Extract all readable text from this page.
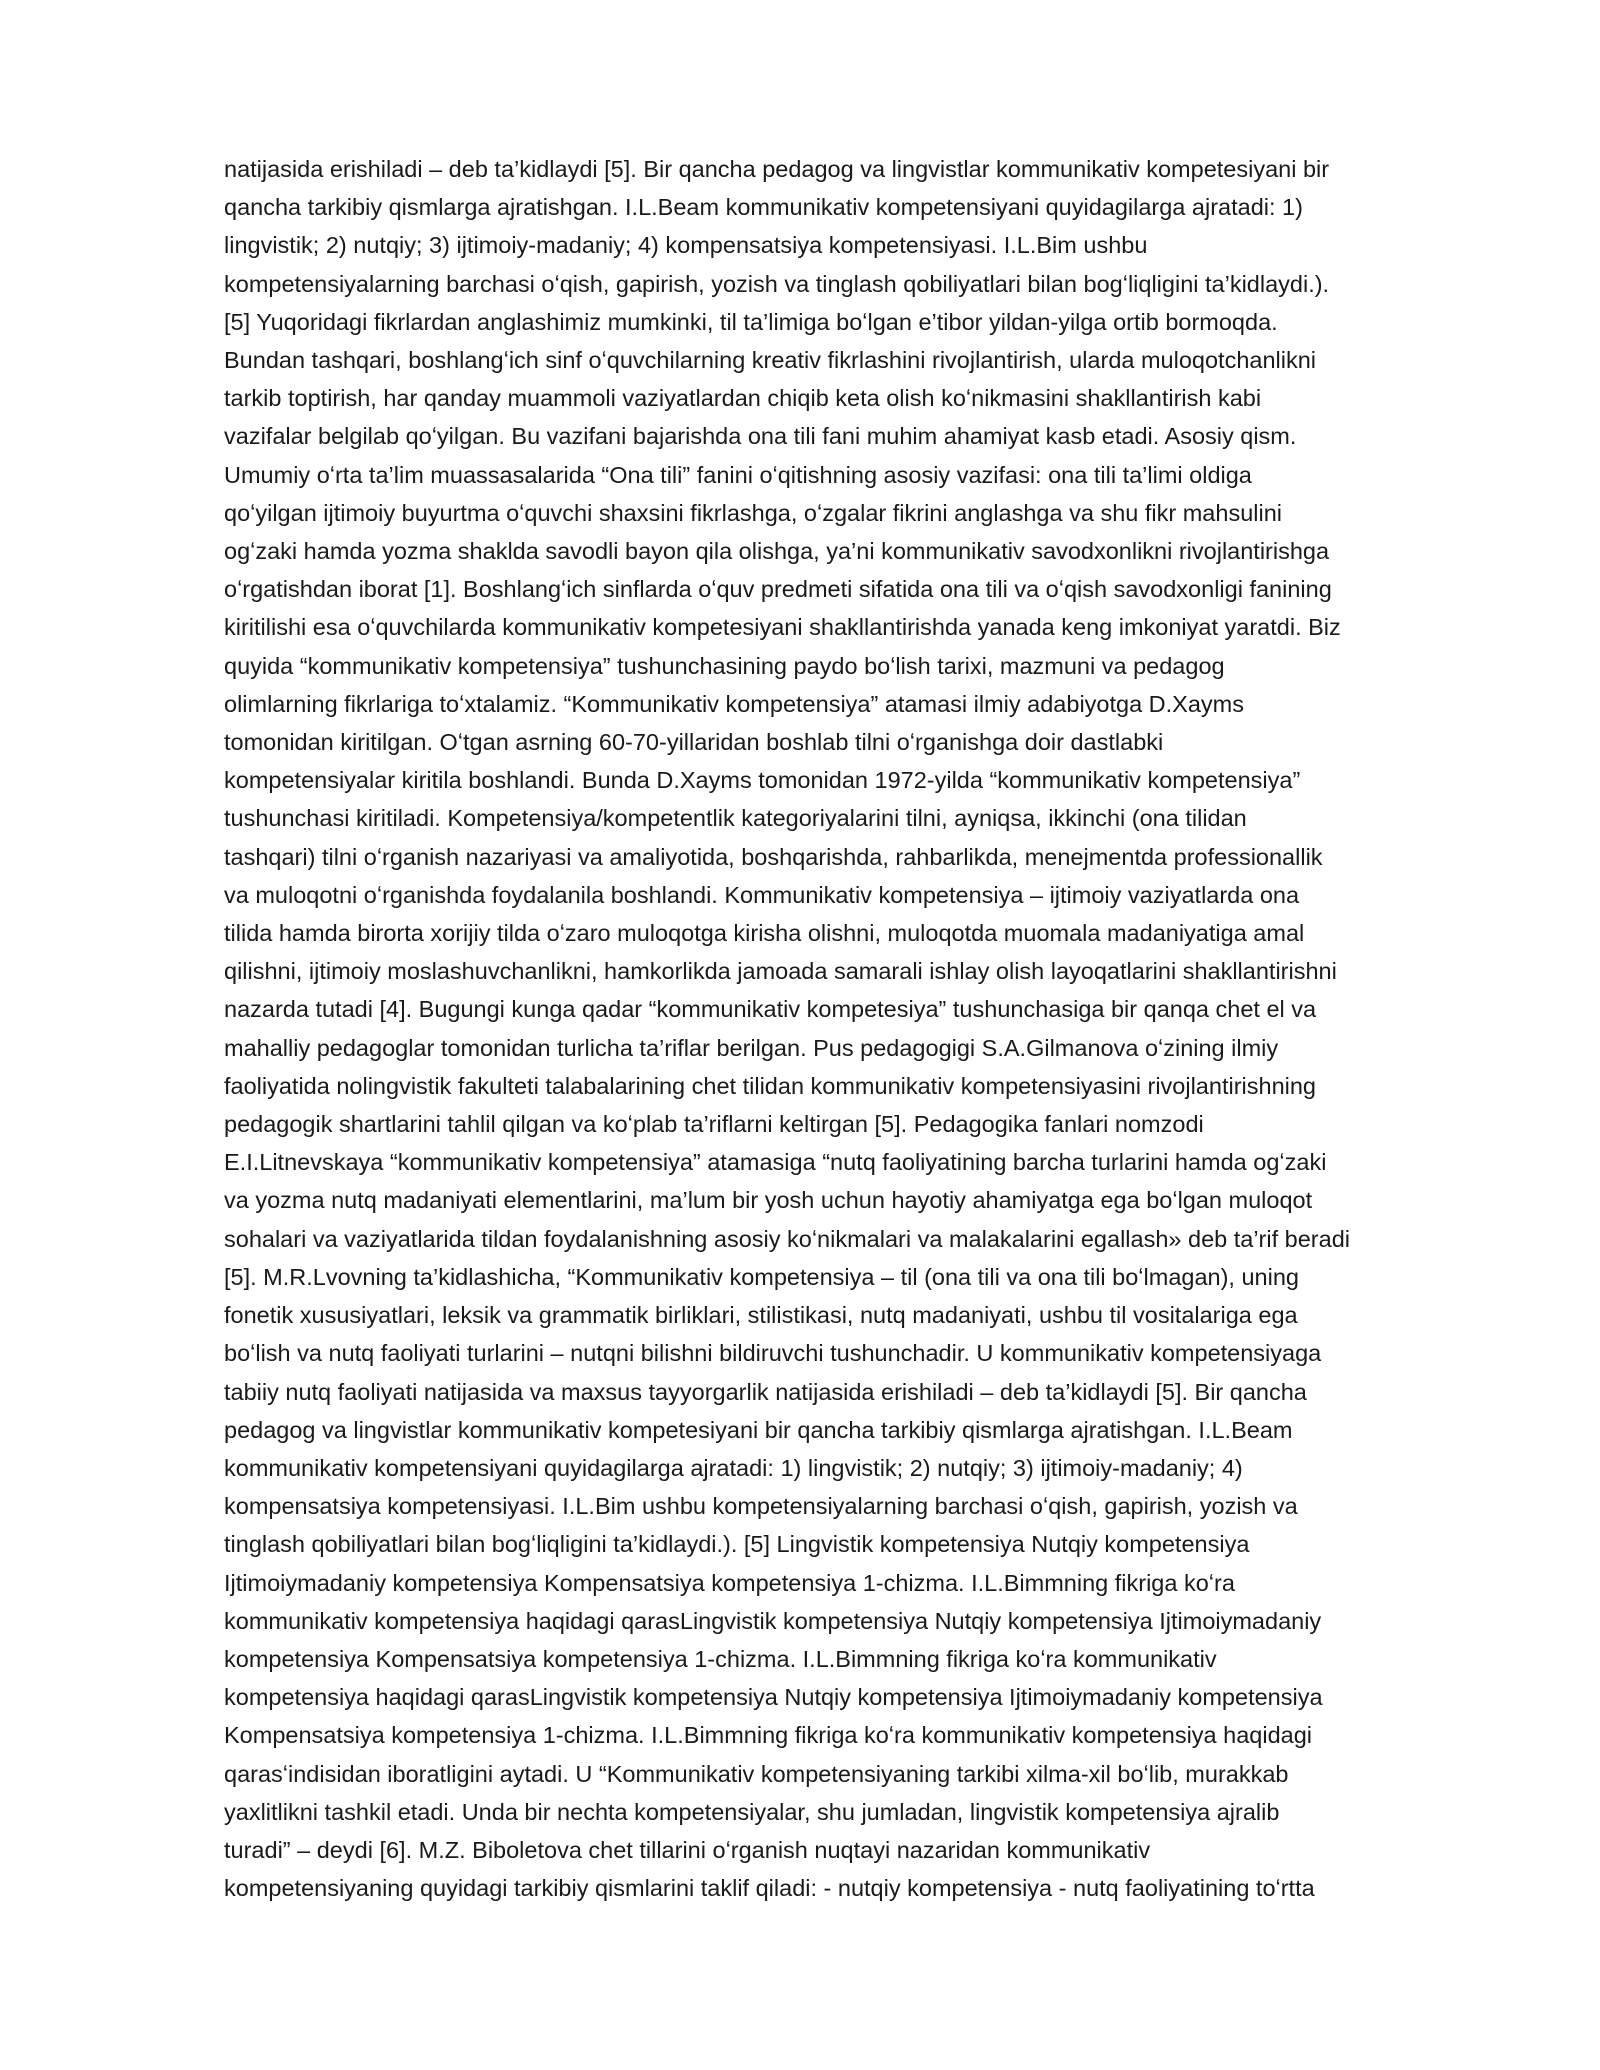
natijasida erishiladi – deb ta’kidlaydi [5]. Bir qancha pedagog va lingvistlar kommunikativ kompetesiyani bir
qancha tarkibiy qismlarga ajratishgan. I.L.Beam kommunikativ kompetensiyani quyidagilarga ajratadi: 1)
lingvistik; 2) nutqiy; 3) ijtimoiy-madaniy; 4) kompensatsiya kompetensiyasi. I.L.Bim ushbu
kompetensiyalarning barchasi oʻqish, gapirish, yozish va tinglash qobiliyatlari bilan bogʻliqligini ta’kidlaydi.).
[5] Yuqoridagi fikrlardan anglashimiz mumkinki, til ta’limiga boʻlgan e’tibor yildan-yilga ortib bormoqda.
Bundan tashqari, boshlangʻich sinf oʻquvchilarning kreativ fikrlashini rivojlantirish, ularda muloqotchanlikni
tarkib toptirish, har qanday muammoli vaziyatlardan chiqib keta olish koʻnikmasini shakllantirish kabi
vazifalar belgilab qoʻyilgan. Bu vazifani bajarishda ona tili fani muhim ahamiyat kasb etadi. Asosiy qism.
Umumiy oʻrta ta’lim muassasalarida “Ona tili” fanini oʻqitishning asosiy vazifasi: ona tili ta’limi oldiga
qoʻyilgan ijtimoiy buyurtma oʻquvchi shaxsini fikrlashga, oʻzgalar fikrini anglashga va shu fikr mahsulini
ogʻzaki hamda yozma shaklda savodli bayon qila olishga, ya’ni kommunikativ savodxonlikni rivojlantirishga
oʻrgatishdan iborat [1]. Boshlangʻich sinflarda oʻquv predmeti sifatida ona tili va oʻqish savodxonligi fanining
kiritilishi esa oʻquvchilarda kommunikativ kompetesiyani shakllantirishda yanada keng imkoniyat yaratdi. Biz
quyida “kommunikativ kompetensiya” tushunchasining paydo boʻlish tarixi, mazmuni va pedagog
olimlarning fikrlariga toʻxtalamiz. “Kommunikativ kompetensiya” atamasi ilmiy adabiyotga D.Xayms
tomonidan kiritilgan. Oʻtgan asrning 60-70-yillaridan boshlab tilni oʻrganishga doir dastlabki
kompetensiyalar kiritila boshlandi. Bunda D.Xayms tomonidan 1972-yilda “kommunikativ kompetensiya”
tushunchasi kiritiladi. Kompetensiya/kompetentlik kategoriyalarini tilni, ayniqsa, ikkinchi (ona tilidan
tashqari) tilni oʻrganish nazariyasi va amaliyotida, boshqarishda, rahbarlikda, menejmentda professionallik
va muloqotni oʻrganishda foydalanila boshlandi. Kommunikativ kompetensiya – ijtimoiy vaziyatlarda ona
tilida hamda birorta xorijiy tilda oʻzaro muloqotga kirisha olishni, muloqotda muomala madaniyatiga amal
qilishni, ijtimoiy moslashuvchanlikni, hamkorlikda jamoada samarali ishlay olish layoqatlarini shakllantirishni
nazarda tutadi [4]. Bugungi kunga qadar “kommunikativ kompetesiya” tushunchasiga bir qanqa chet el va
mahalliy pedagoglar tomonidan turlicha ta’riflar berilgan. Pus pedagogigi S.A.Gilmanova oʻzining ilmiy
faoliyatida nolingvistik fakulteti talabalarining chet tilidan kommunikativ kompetensiyasini rivojlantirishning
pedagogik shartlarini tahlil qilgan va koʻplab ta’riflarni keltirgan [5]. Pedagogika fanlari nomzodi
E.I.Litnevskaya “kommunikativ kompetensiya” atamasiga “nutq faoliyatining barcha turlarini hamda ogʻzaki
va yozma nutq madaniyati elementlarini, ma’lum bir yosh uchun hayotiy ahamiyatga ega boʻlgan muloqot
sohalari va vaziyatlarida tildan foydalanishning asosiy koʻnikmalari va malakalarini egallash» deb ta’rif beradi
[5]. M.R.Lvovning ta’kidlashicha, “Kommunikativ kompetensiya – til (ona tili va ona tili boʻlmagan), uning
fonetik xususiyatlari, leksik va grammatik birliklari, stilistikasi, nutq madaniyati, ushbu til vositalariga ega
boʻlish va nutq faoliyati turlarini – nutqni bilishni bildiruvchi tushunchadir. U kommunikativ kompetensiyaga
tabiiy nutq faoliyati natijasida va maxsus tayyorgarlik natijasida erishiladi – deb ta’kidlaydi [5]. Bir qancha
pedagog va lingvistlar kommunikativ kompetesiyani bir qancha tarkibiy qismlarga ajratishgan. I.L.Beam
kommunikativ kompetensiyani quyidagilarga ajratadi: 1) lingvistik; 2) nutqiy; 3) ijtimoiy-madaniy; 4)
kompensatsiya kompetensiyasi. I.L.Bim ushbu kompetensiyalarning barchasi oʻqish, gapirish, yozish va
tinglash qobiliyatlari bilan bogʻliqligini ta’kidlaydi.). [5] Lingvistik kompetensiya Nutqiy kompetensiya
Ijtimoiymadaniy kompetensiya Kompensatsiya kompetensiya 1-chizma. I.L.Bimmning fikriga koʻra
kommunikativ kompetensiya haqidagi qarasLingvistik kompetensiya Nutqiy kompetensiya Ijtimoiymadaniy
kompetensiya Kompensatsiya kompetensiya 1-chizma. I.L.Bimmning fikriga koʻra kommunikativ
kompetensiya haqidagi qarasLingvistik kompetensiya Nutqiy kompetensiya Ijtimoiymadaniy kompetensiya
Kompensatsiya kompetensiya 1-chizma. I.L.Bimmning fikriga koʻra kommunikativ kompetensiya haqidagi
qarasʻindisidan iboratligini aytadi. U “Kommunikativ kompetensiyaning tarkibi xilma-xil boʻlib, murakkab
yaxlitlikni tashkil etadi. Unda bir nechta kompetensiyalar, shu jumladan, lingvistik kompetensiya ajralib
turadi” – deydi [6]. M.Z. Biboletova chet tillarini oʻrganish nuqtayi nazaridan kommunikativ
kompetensiyaning quyidagi tarkibiy qismlarini taklif qiladi: - nutqiy kompetensiya - nutq faoliyatining toʻrtta
